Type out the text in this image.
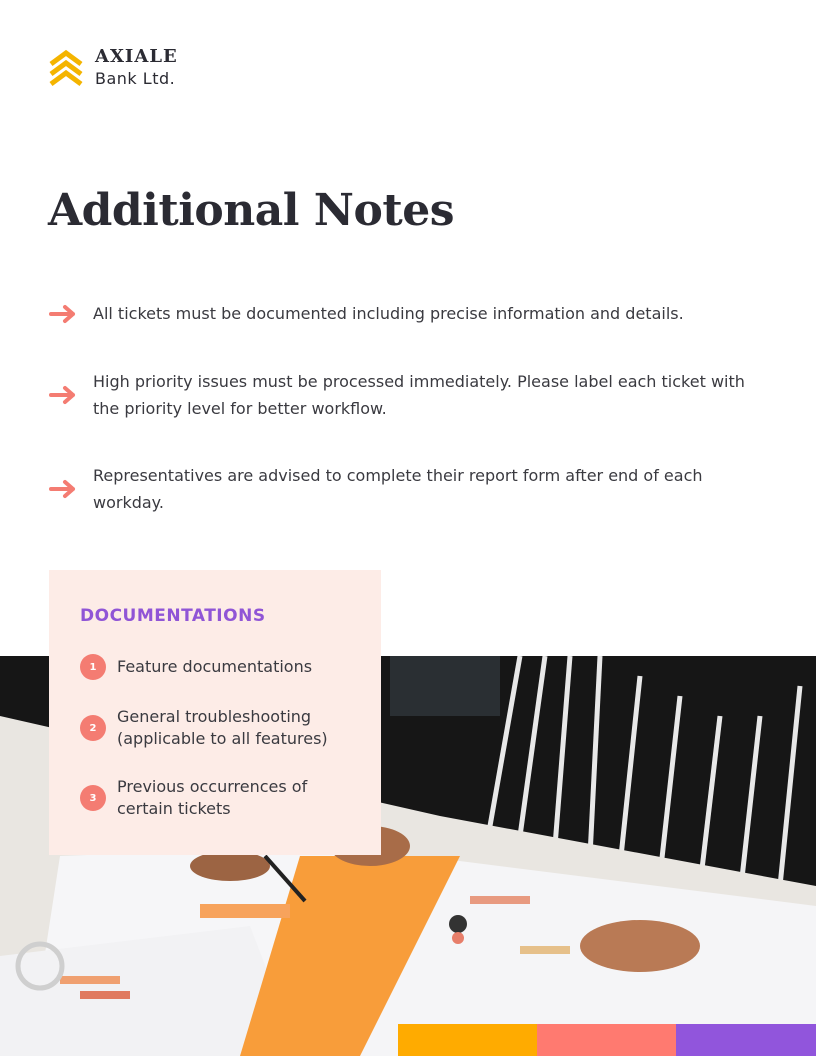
AXIALE
Bank Ltd.
Additional Notes
All tickets must be documented including precise information and details.
High priority issues must be processed immediately. Please label each ticket with the priority level for better workflow.
Representatives are advised to complete their report form after end of each workday.
DOCUMENTATIONS
1	Feature documentations
2
General troubleshooting (applicable to all features)
3
Previous occurrences of certain tickets
